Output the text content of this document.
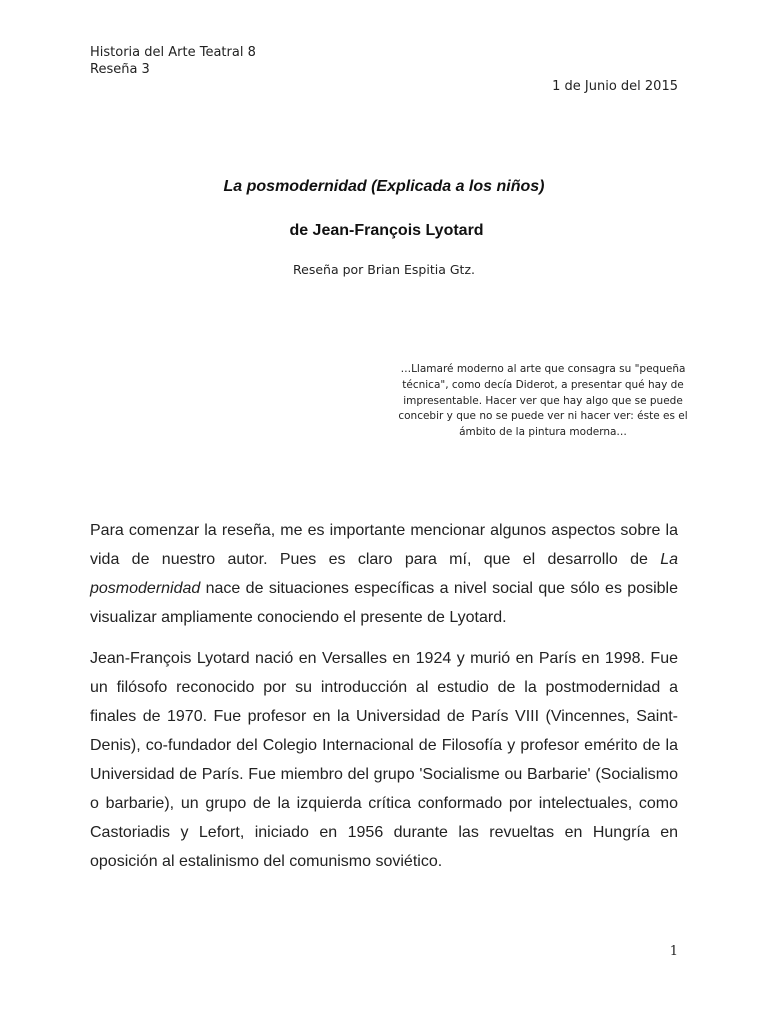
Historia del Arte Teatral 8
Reseña 3
1 de Junio del 2015
La posmodernidad (Explicada a los niños)
de Jean-François Lyotard
Reseña por Brian Espitia Gtz.
…Llamaré moderno al arte que consagra su "pequeña técnica", como decía Diderot, a presentar qué hay de impresentable. Hacer ver que hay algo que se puede concebir y que no se puede ver ni hacer ver: éste es el ámbito de la pintura moderna…

Para comenzar la reseña, me es importante mencionar algunos aspectos sobre la vida de nuestro autor. Pues es claro para mí, que el desarrollo de La posmodernidad nace de situaciones específicas a nivel social que sólo es posible visualizar ampliamente conociendo el presente de Lyotard.

Jean-François Lyotard nació en Versalles en 1924 y murió en París en 1998. Fue un filósofo reconocido por su introducción al estudio de la postmodernidad a finales de 1970. Fue profesor en la Universidad de París VIII (Vincennes, Saint-Denis), co-fundador del Colegio Internacional de Filosofía y profesor emérito de la Universidad de París. Fue miembro del grupo 'Socialisme ou Barbarie' (Socialismo o barbarie), un grupo de la izquierda crítica conformado por intelectuales, como Castoriadis y Lefort, iniciado en 1956 durante las revueltas en Hungría en oposición al estalinismo del comunismo soviético.

1
